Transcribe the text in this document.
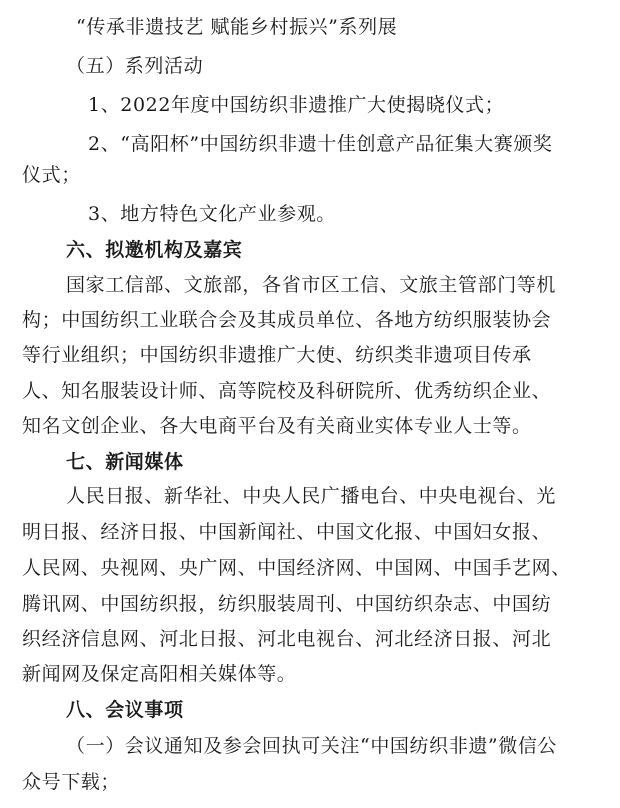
“传承非遗技艺 赋能乡村振兴”系列展
（五）系列活动
1、2022年度中国纺织非遗推广大使揭晓仪式；
2、“高阳杯”中国纺织非遗十佳创意产品征集大赛颁奖
仪式；
3、地方特色文化产业参观。
六、拟邀机构及嘉宾
国家工信部、文旅部，各省市区工信、文旅主管部门等机
构；中国纺织工业联合会及其成员单位、各地方纺织服装协会
等行业组织；中国纺织非遗推广大使、纺织类非遗项目传承
人、知名服装设计师、高等院校及科研院所、优秀纺织企业、
知名文创企业、各大电商平台及有关商业实体专业人士等。
七、新闻媒体
人民日报、新华社、中央人民广播电台、中央电视台、光
明日报、经济日报、中国新闻社、中国文化报、中国妇女报、
人民网、央视网、央广网、中国经济网、中国网、中国手艺网、
腾讯网、中国纺织报，纺织服装周刊、中国纺织杂志、中国纺
织经济信息网、河北日报、河北电视台、河北经济日报、河北
新闻网及保定高阳相关媒体等。
八、会议事项
（一）会议通知及参会回执可关注“中国纺织非遗”微信公
众号下载；
